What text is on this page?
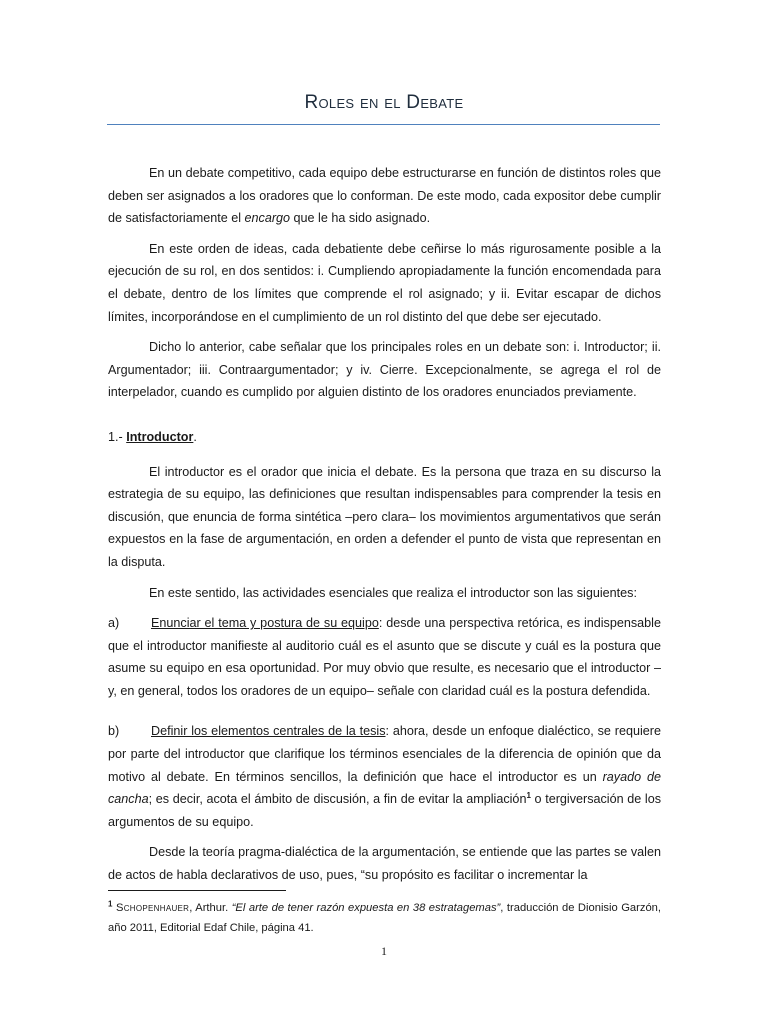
Roles en el Debate

En un debate competitivo, cada equipo debe estructurarse en función de distintos roles que deben ser asignados a los oradores que lo conforman. De este modo, cada expositor debe cumplir de satisfactoriamente el encargo que le ha sido asignado.

En este orden de ideas, cada debatiente debe ceñirse lo más rigurosamente posible a la ejecución de su rol, en dos sentidos: i. Cumpliendo apropiadamente la función encomendada para el debate, dentro de los límites que comprende el rol asignado; y ii. Evitar escapar de dichos límites, incorporándose en el cumplimiento de un rol distinto del que debe ser ejecutado.

Dicho lo anterior, cabe señalar que los principales roles en un debate son: i. Introductor; ii. Argumentador; iii. Contraargumentador; y iv. Cierre. Excepcionalmente, se agrega el rol de interpelador, cuando es cumplido por alguien distinto de los oradores enunciados previamente.

1.- Introductor.

El introductor es el orador que inicia el debate. Es la persona que traza en su discurso la estrategia de su equipo, las definiciones que resultan indispensables para comprender la tesis en discusión, que enuncia de forma sintética –pero clara– los movimientos argumentativos que serán expuestos en la fase de argumentación, en orden a defender el punto de vista que representan en la disputa.

En este sentido, las actividades esenciales que realiza el introductor son las siguientes:

a)	Enunciar el tema y postura de su equipo: desde una perspectiva retórica, es indispensable que el introductor manifieste al auditorio cuál es el asunto que se discute y cuál es la postura que asume su equipo en esa oportunidad. Por muy obvio que resulte, es necesario que el introductor –y, en general, todos los oradores de un equipo– señale con claridad cuál es la postura defendida.

b)	Definir los elementos centrales de la tesis: ahora, desde un enfoque dialéctico, se requiere por parte del introductor que clarifique los términos esenciales de la diferencia de opinión que da motivo al debate. En términos sencillos, la definición que hace el introductor es un rayado de cancha; es decir, acota el ámbito de discusión, a fin de evitar la ampliación$^1$ o tergiversación de los argumentos de su equipo.

Desde la teoría pragma-dialéctica de la argumentación, se entiende que las partes se valen de actos de habla declarativos de uso, pues, “su propósito es facilitar o incrementar la

$^1$ Schopenhauer, Arthur. “El arte de tener razón expuesta en 38 estratagemas”, traducción de Dionisio Garzón, año 2011, Editorial Edaf Chile, página 41.
1
